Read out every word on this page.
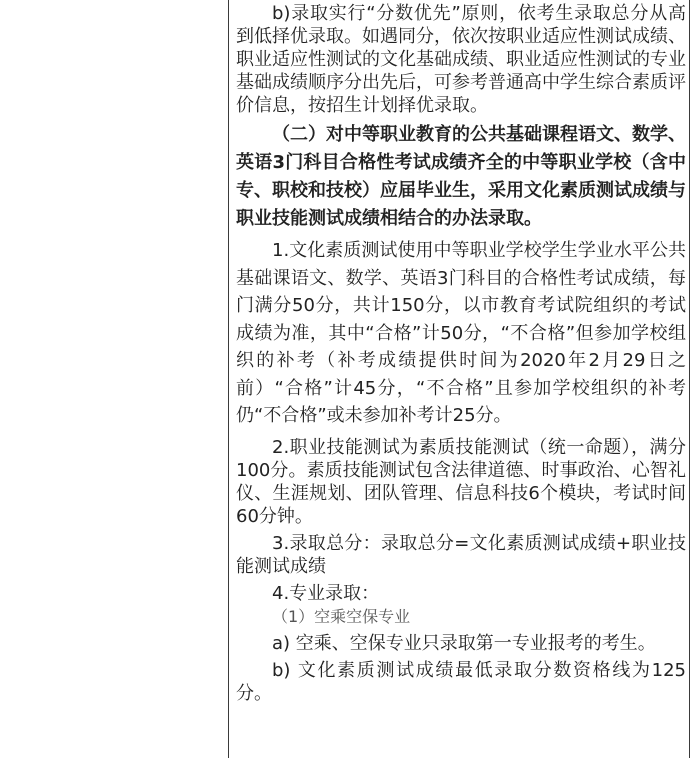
b)录取实行“分数优先”原则，依考生录取总分从高到低择优录取。如遇同分，依次按职业适应性测试成绩、职业适应性测试的文化基础成绩、职业适应性测试的专业基础成绩顺序分出先后，可参考普通高中学生综合素质评价信息，按招生计划择优录取。

（二）对中等职业教育的公共基础课程语文、数学、英语3门科目合格性考试成绩齐全的中等职业学校（含中专、职校和技校）应届毕业生，采用文化素质测试成绩与职业技能测试成绩相结合的办法录取。

1.文化素质测试使用中等职业学校学生学业水平公共基础课语文、数学、英语3门科目的合格性考试成绩，每门满分50分，共计150分，以市教育考试院组织的考试成绩为准，其中“合格”计50分，“不合格”但参加学校组织的补考（补考成绩提供时间为2020年2月29日之前）“合格”计45分，“不合格”且参加学校组织的补考仍“不合格”或未参加补考计25分。

2.职业技能测试为素质技能测试（统一命题），满分100分。素质技能测试包含法律道德、时事政治、心智礼仪、生涯规划、团队管理、信息科技6个模块，考试时间60分钟。

3.录取总分：录取总分=文化素质测试成绩+职业技能测试成绩

4.专业录取：

（1）空乘空保专业

a) 空乘、空保专业只录取第一专业报考的考生。

b) 文化素质测试成绩最低录取分数资格线为125分。
